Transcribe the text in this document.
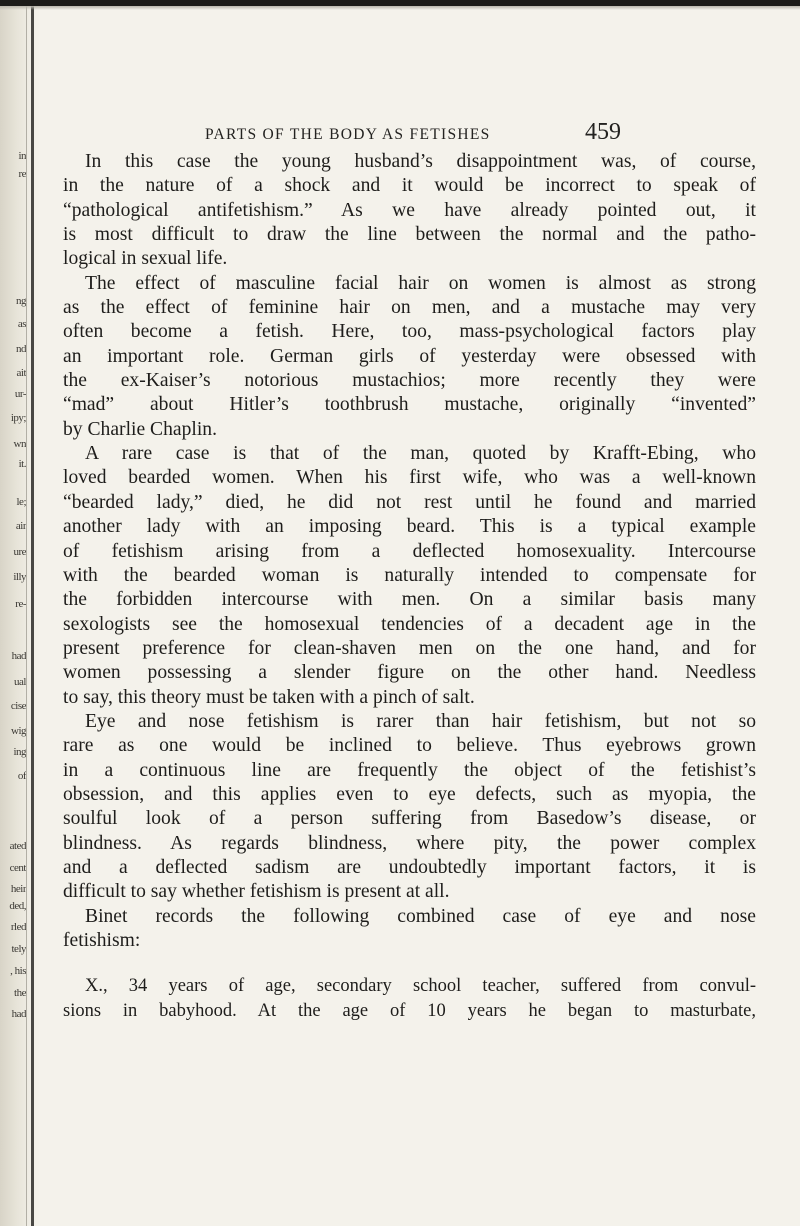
in
re
ng
as
nd
ait
ur-
ipy;
wn
it.
le;
air
ure
illy
re-
had
ual
cise
wig
ing
of
ated
cent
heir
ded,
rled
tely
, his
the
had
PARTS OF THE BODY AS FETISHES	459
In this case the young husband’s disappointment was, of course,
in the nature of a shock and it would be incorrect to speak of
“pathological antifetishism.” As we have already pointed out, it
is most difficult to draw the line between the normal and the patho-
logical in sexual life.
The effect of masculine facial hair on women is almost as strong
as the effect of feminine hair on men, and a mustache may very
often become a fetish. Here, too, mass-psychological factors play
an important role. German girls of yesterday were obsessed with
the ex-Kaiser’s notorious mustachios; more recently they were
“mad” about Hitler’s toothbrush mustache, originally “invented”
by Charlie Chaplin.
A rare case is that of the man, quoted by Krafft-Ebing, who
loved bearded women. When his first wife, who was a well-known
“bearded lady,” died, he did not rest until he found and married
another lady with an imposing beard. This is a typical example
of fetishism arising from a deflected homosexuality. Intercourse
with the bearded woman is naturally intended to compensate for
the forbidden intercourse with men. On a similar basis many
sexologists see the homosexual tendencies of a decadent age in the
present preference for clean-shaven men on the one hand, and for
women possessing a slender figure on the other hand. Needless
to say, this theory must be taken with a pinch of salt.
Eye and nose fetishism is rarer than hair fetishism, but not so
rare as one would be inclined to believe. Thus eyebrows grown
in a continuous line are frequently the object of the fetishist’s
obsession, and this applies even to eye defects, such as myopia, the
soulful look of a person suffering from Basedow’s disease, or
blindness. As regards blindness, where pity, the power complex
and a deflected sadism are undoubtedly important factors, it is
difficult to say whether fetishism is present at all.
Binet records the following combined case of eye and nose
fetishism:
X., 34 years of age, secondary school teacher, suffered from convul-
sions in babyhood. At the age of 10 years he began to masturbate,
